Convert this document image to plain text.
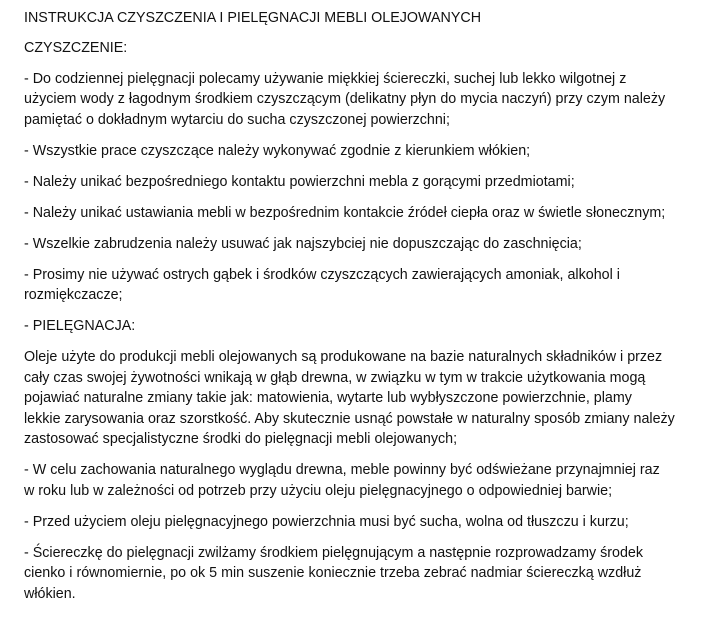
INSTRUKCJA CZYSZCZENIA I PIELĘGNACJI MEBLI OLEJOWANYCH

CZYSZCZENIE:

- Do codziennej pielęgnacji polecamy używanie miękkiej ściereczki, suchej lub lekko wilgotnej z

użyciem wody z łagodnym środkiem czyszczącym (delikatny płyn do mycia naczyń) przy czym należy

pamiętać o dokładnym wytarciu do sucha czyszczonej powierzchni;

- Wszystkie prace czyszczące należy wykonywać zgodnie z kierunkiem włókien;

- Należy unikać bezpośredniego kontaktu powierzchni mebla z gorącymi przedmiotami;

- Należy unikać ustawiania mebli w bezpośrednim kontakcie źródeł ciepła oraz w świetle słonecznym;

- Wszelkie zabrudzenia należy usuwać jak najszybciej nie dopuszczając do zaschnięcia;

- Prosimy nie używać ostrych gąbek i środków czyszczących zawierających amoniak, alkohol i

rozmiękczacze;

- PIELĘGNACJA:

Oleje użyte do produkcji mebli olejowanych są produkowane na bazie naturalnych składników i przez

cały czas swojej żywotności wnikają w głąb drewna, w związku w tym w trakcie użytkowania mogą

pojawiać naturalne zmiany takie jak: matowienia, wytarte lub wybłyszczone powierzchnie, plamy

lekkie zarysowania oraz szorstkość. Aby skutecznie usnąć powstałe w naturalny sposób zmiany należy

zastosować specjalistyczne środki do pielęgnacji mebli olejowanych;

- W celu zachowania naturalnego wyglądu drewna, meble powinny być odświeżane przynajmniej raz

w roku lub w zależności od potrzeb przy użyciu oleju pielęgnacyjnego o odpowiedniej barwie;

- Przed użyciem oleju pielęgnacyjnego powierzchnia musi być sucha, wolna od tłuszczu i kurzu;

- Ściereczkę do pielęgnacji zwilżamy środkiem pielęgnującym a następnie rozprowadzamy środek

cienko i równomiernie, po ok 5 min suszenie koniecznie trzeba zebrać nadmiar ściereczką wzdłuż

włókien.
